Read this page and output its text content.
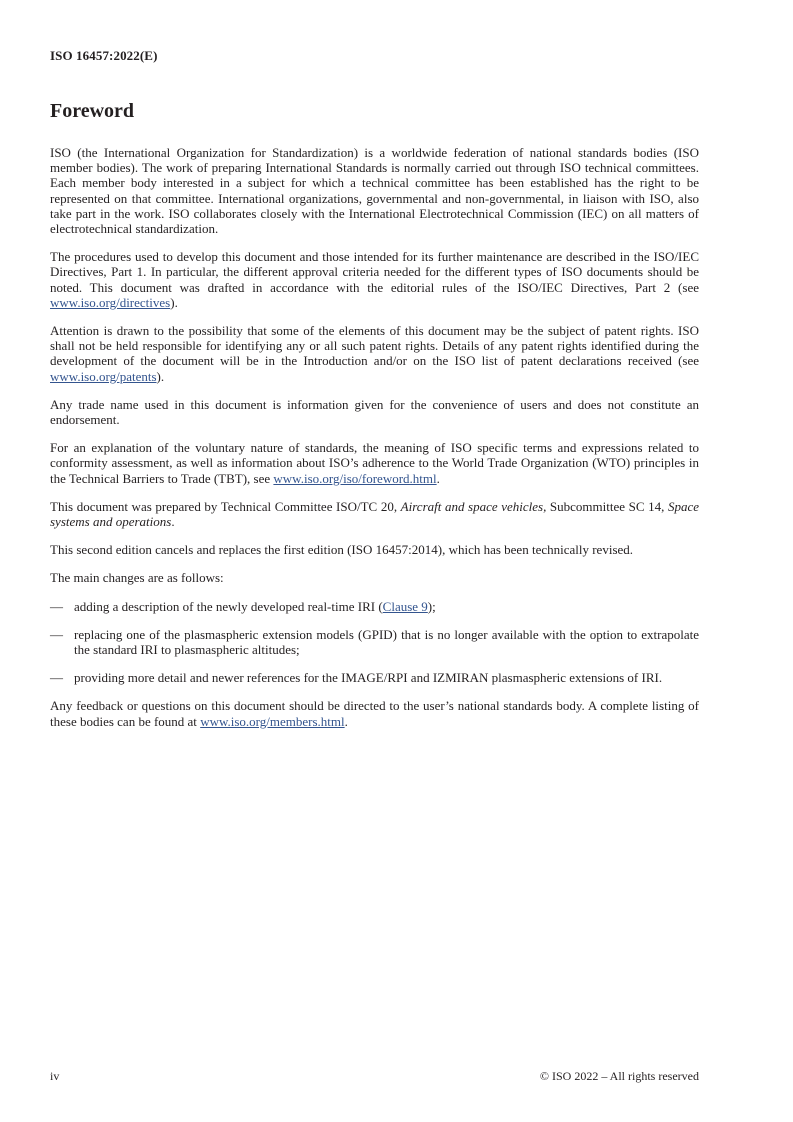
ISO 16457:2022(E)
Foreword

ISO (the International Organization for Standardization) is a worldwide federation of national standards bodies (ISO member bodies). The work of preparing International Standards is normally carried out through ISO technical committees. Each member body interested in a subject for which a technical committee has been established has the right to be represented on that committee. International organizations, governmental and non-governmental, in liaison with ISO, also take part in the work. ISO collaborates closely with the International Electrotechnical Commission (IEC) on all matters of electrotechnical standardization.

The procedures used to develop this document and those intended for its further maintenance are described in the ISO/IEC Directives, Part 1. In particular, the different approval criteria needed for the different types of ISO documents should be noted. This document was drafted in accordance with the editorial rules of the ISO/IEC Directives, Part 2 (see www.iso.org/directives).

Attention is drawn to the possibility that some of the elements of this document may be the subject of patent rights. ISO shall not be held responsible for identifying any or all such patent rights. Details of any patent rights identified during the development of the document will be in the Introduction and/or on the ISO list of patent declarations received (see www.iso.org/patents).

Any trade name used in this document is information given for the convenience of users and does not constitute an endorsement.

For an explanation of the voluntary nature of standards, the meaning of ISO specific terms and expressions related to conformity assessment, as well as information about ISO’s adherence to the World Trade Organization (WTO) principles in the Technical Barriers to Trade (TBT), see www.iso.org/iso/foreword.html.

This document was prepared by Technical Committee ISO/TC 20, Aircraft and space vehicles, Subcommittee SC 14, Space systems and operations.

This second edition cancels and replaces the first edition (ISO 16457:2014), which has been technically revised.

The main changes are as follows:

— adding a description of the newly developed real-time IRI (Clause 9);
— replacing one of the plasmaspheric extension models (GPID) that is no longer available with the option to extrapolate the standard IRI to plasmaspheric altitudes;
— providing more detail and newer references for the IMAGE/RPI and IZMIRAN plasmaspheric extensions of IRI.

Any feedback or questions on this document should be directed to the user’s national standards body. A complete listing of these bodies can be found at www.iso.org/members.html.

iv	© ISO 2022 – All rights reserved
